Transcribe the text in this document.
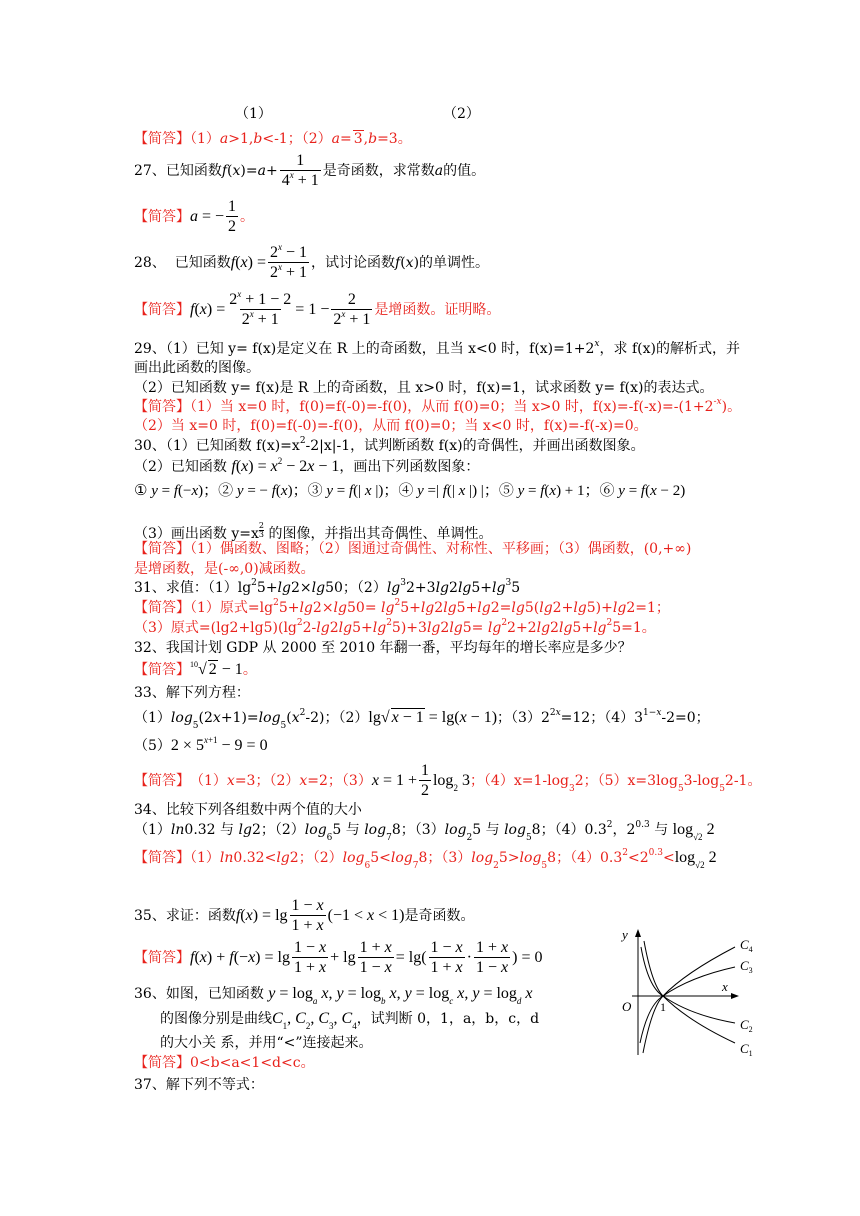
（1）	（2）
【简答】（1）a>1,b<-1；（2）a= 3,b=3。
27、 已知函数 f ( x )= $a + \frac{1}{4^x + 1}$ 是奇函数，求常数 a 的值。
【简答】 a = − $\frac{1}{2}$ 。
28、
已知函数 $f(x) = \frac{2^x - 1}{2^x + 1}$ ，试讨论函数 f ( x ) 的单调性。
【简答】 $f(x) = \frac{2^x + 1 - 2}{2^x + 1} = 1 - \frac{2}{2^x + 1}$ 是增函数。证明略。
29、（1）已知 y= f(x)是定义在 R 上的奇函数，且当 x<0 时，$f(x)=1+2^x$，求 f(x)的解析式，并
画出此函数的图像。
（2）已知函数 y= f(x)是 R 上的奇函数，且 x>0 时，f(x)=1，试求函数 y= f(x)的表达式。
【简答】（1）当 x=0 时，f(0)=f(-0)=-f(0)，从而 f(0)=0；当 x>0 时，$f(x)=-f(-x)=-(1+2^{-x})$。
（2）当 x=0 时，f(0)=f(-0)=-f(0)，从而 f(0)=0；当 x<0 时，f(x)=-f(-x)=0。
30、（1）已知函数 $f(x)=x^2-2|x|-1$，试判断函数 f(x)的奇偶性，并画出函数图象。
（2）已知函数 $f(x) = x^2 - 2x - 1$，画出下列函数图象：
① y = f(−x)；② y = − f(x)；③ y = f(| x |)；④ y =| f(| x |) |；⑤ y = f(x) + 1；⑥ y = f(x − 2)
（3）画出函数 $y=x \frac{2}{3}$ 的图像，并指出其奇偶性、单调性。
【简答】（1）偶函数、图略；（2）图通过奇偶性、对称性、平移画；（3）偶函数，(0,+∞)
是增函数，是(-∞,0)减函数。
31、求值：$(1)\lg^25+\lg 2\times\lg 50$；$(2)\lg^32+3\lg 2\lg 5+\lg^35$
【简答】（1）原式$=\lg^25+\lg 2\times\lg 50= \lg^25+\lg 2\lg 5+\lg 2=\lg 5(\lg 2+\lg 5)+\lg 2=1$；
（3）原式$=(\lg 2+\lg 5)(\lg^22-\lg 2\lg 5+\lg^25)+3\lg 2\lg 5= \lg^22+2\lg 2\lg 5+\lg^25=1$。
32、我国计划 GDP 从 2000 至 2010 年翻一番，平均每年的增长率应是多少？
【简答】$^{10}$√ 2 − 1。
33、解下列方程：
$(1)\log_5(2x+1)=\log_5(x^2-2)$；（2）lg√ x − 1 = lg(x − 1)；$(3)2^{2x}=12$；$(4)3^{1-x}-2=0$；
$(5)2 \times 5^{x+1} - 9 = 0$
【简答】 （1）x=3；（2）x=2；（3） $x = 1 + \frac{1}{2} \log_2 3$ ；$(4)x=1-\log_32$；$(5)x=3\log_53-\log_52-1$。
34、比较下列各组数中两个值的大小
（1）ln0.32 与 lg2；$(2)\log_65$ 与 $\log_78$；$(3)\log_25$ 与 $\log_58$；$(4)0.3^2$，$2^{0.3}$ 与 $\log_{√2} 2$
【简答】（1）ln0.32<lg2；$(2)\log_65<\log_78$；$(3)\log_25>\log_58$；$(4)0.3^2<2^{0.3}<\log_{√2}$ 2
35、 求证：函数 $f(x) = \lg \frac{1 - x}{1 + x} (-1 < x < 1)$ 是奇函数。
【简答】 $f(x) + f(-x) = \lg \frac{1 - x}{1 + x} + \lg \frac{1 + x}{1 - x} = \lg( \frac{1 - x}{1 + x} \cdot \frac{1 + x}{1 - x}$ ) = 0
36、如图，已知函数 $y = \log_a x$, $y = \log_b x$, $y = \log_c x$, $y = \log_d x$
的图像分别是曲线$C_1$, $C_2$, $C_3$, $C_4$，试判断 0，1，a，b，c，d
的大小关 系，并用“<”连接起来。
【简答】0<b<a<1<d<c。
37、解下列不等式：
y
x
O 1
$C_4$
$C_3$
$C_2$
$C_1$
